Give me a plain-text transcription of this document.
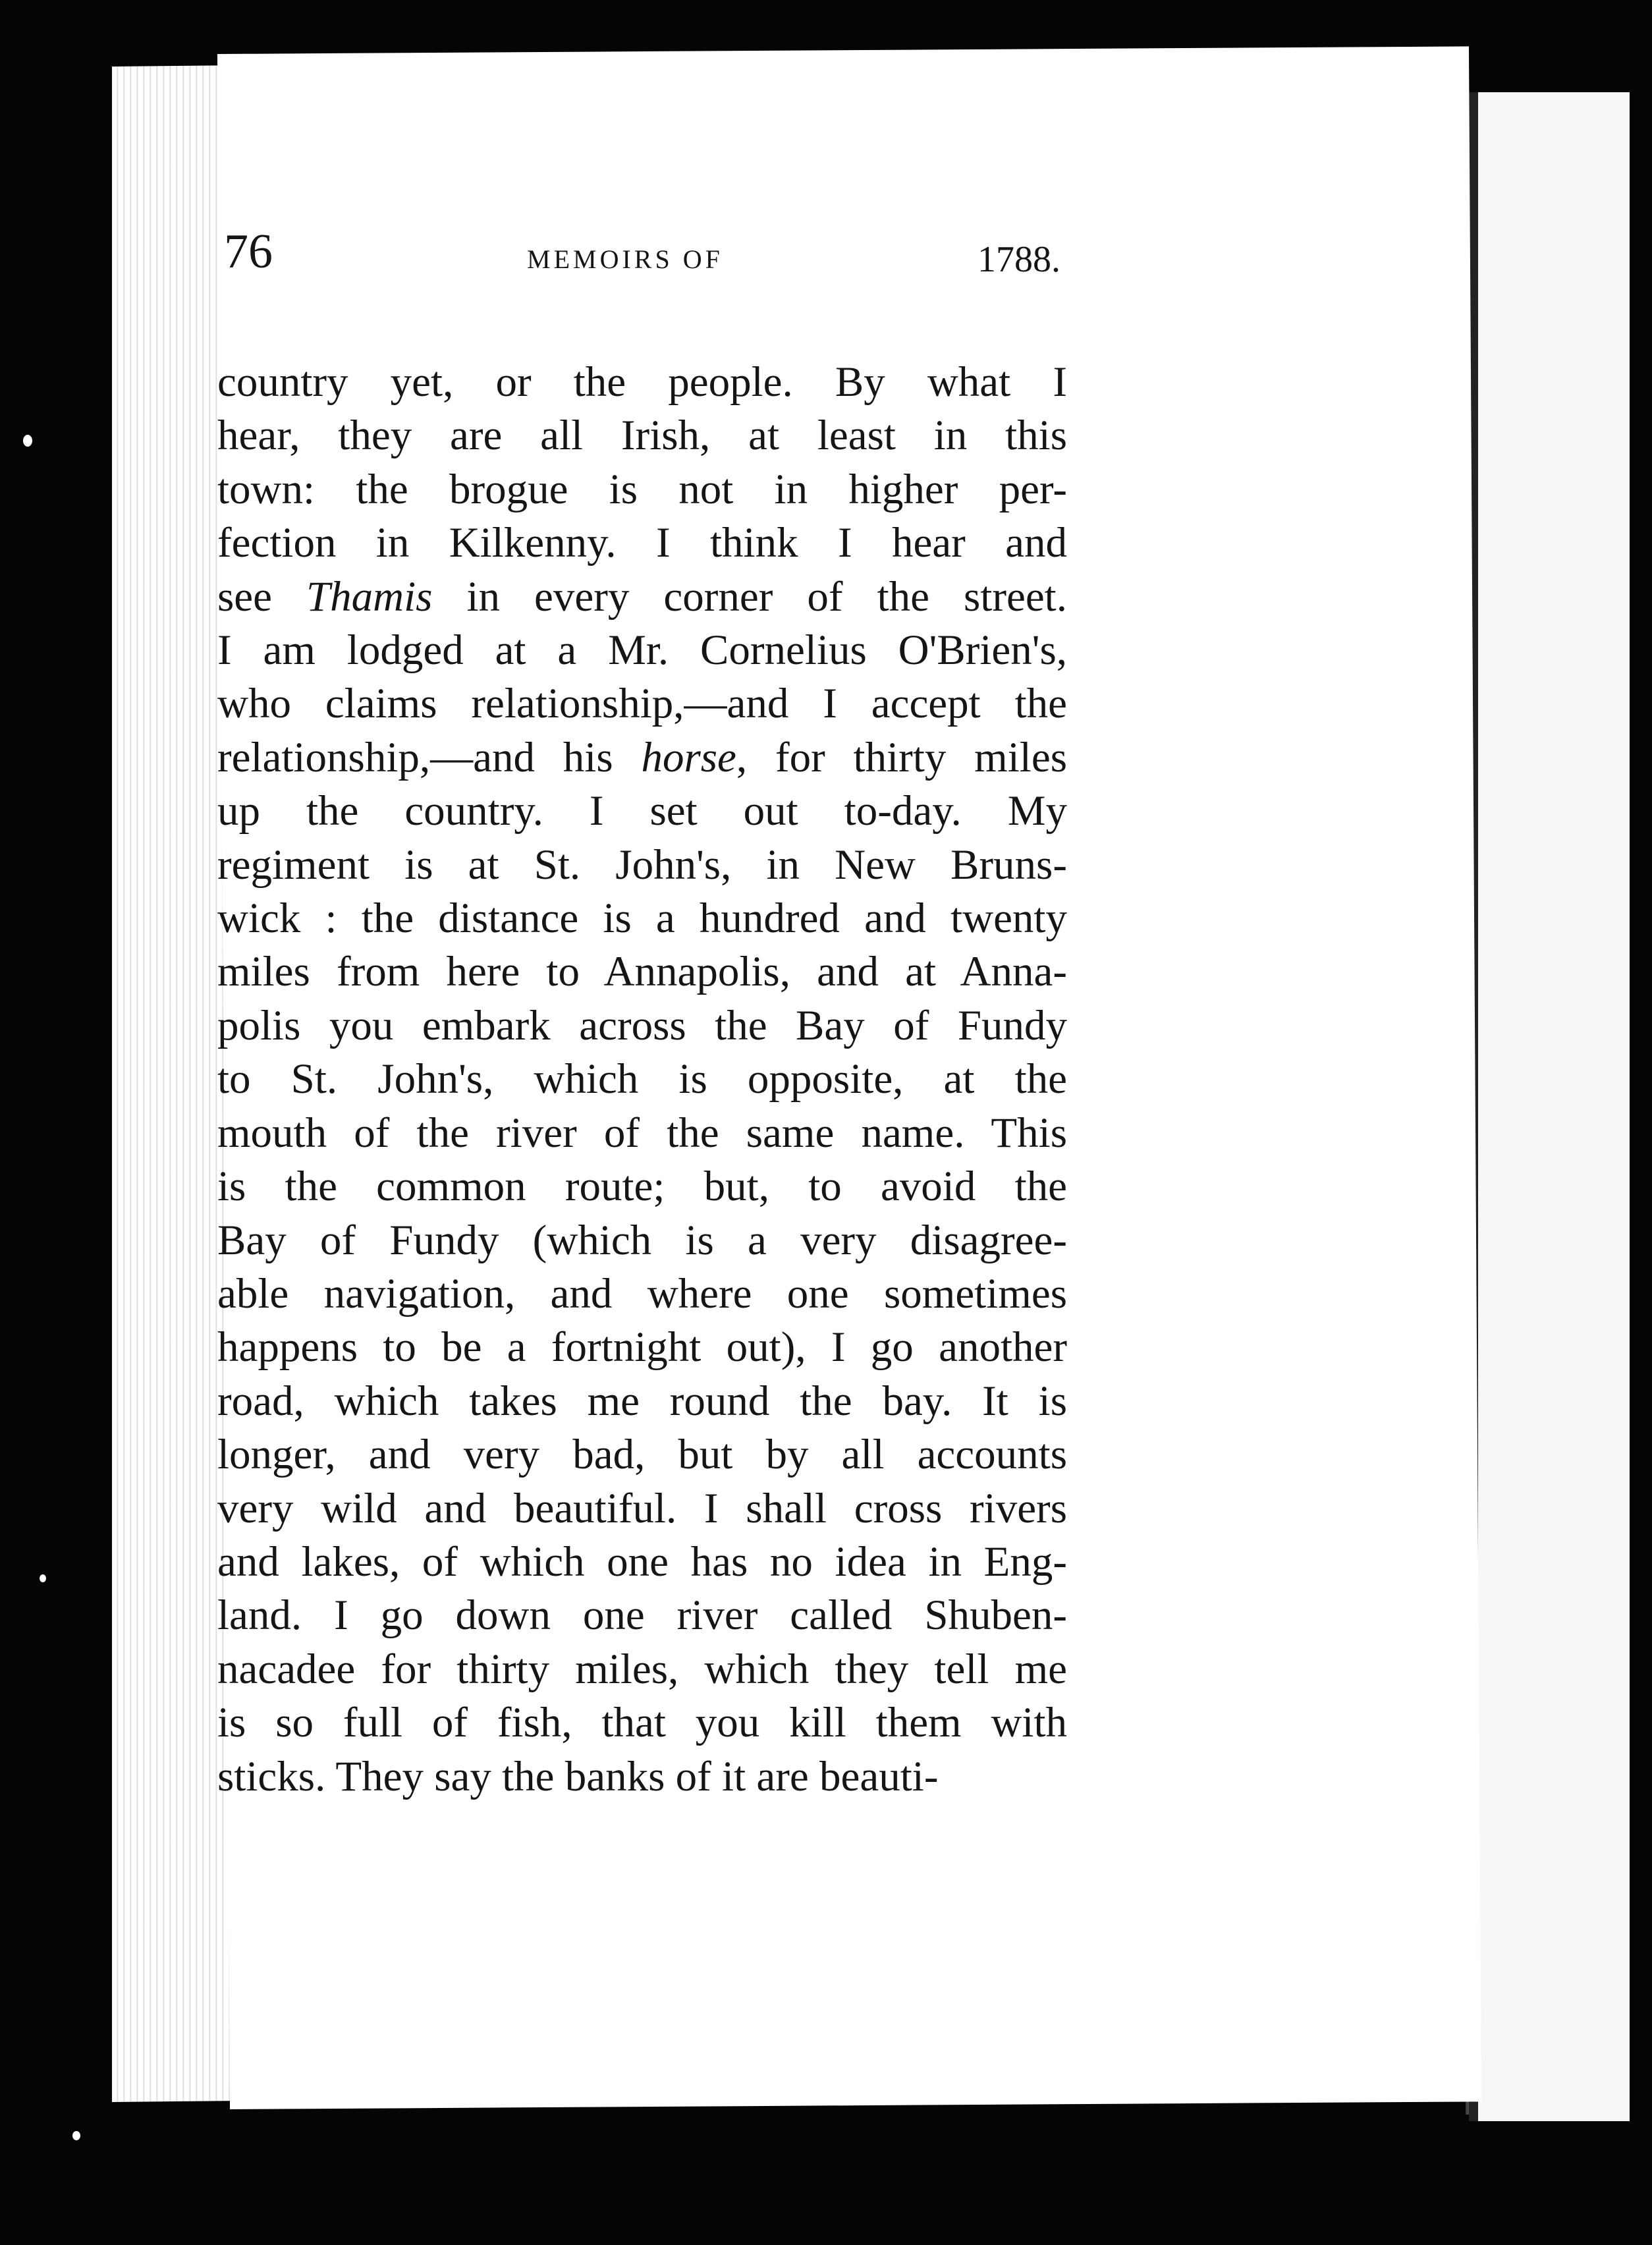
76	MEMOIRS OF	1788.
country yet, or the people. By what I
hear, they are all Irish, at least in this
town: the brogue is not in higher per-
fection in Kilkenny. I think I hear and
see Thamis in every corner of the street.
I am lodged at a Mr. Cornelius O'Brien's,
who claims relationship,—and I accept the
relationship,—and his horse, for thirty miles
up the country. I set out to-day. My
regiment is at St. John's, in New Bruns-
wick : the distance is a hundred and twenty
miles from here to Annapolis, and at Anna-
polis you embark across the Bay of Fundy
to St. John's, which is opposite, at the
mouth of the river of the same name. This
is the common route; but, to avoid the
Bay of Fundy (which is a very disagree-
able navigation, and where one sometimes
happens to be a fortnight out), I go another
road, which takes me round the bay. It is
longer, and very bad, but by all accounts
very wild and beautiful. I shall cross rivers
and lakes, of which one has no idea in Eng-
land. I go down one river called Shuben-
nacadee for thirty miles, which they tell me
is so full of fish, that you kill them with
sticks. They say the banks of it are beauti-
